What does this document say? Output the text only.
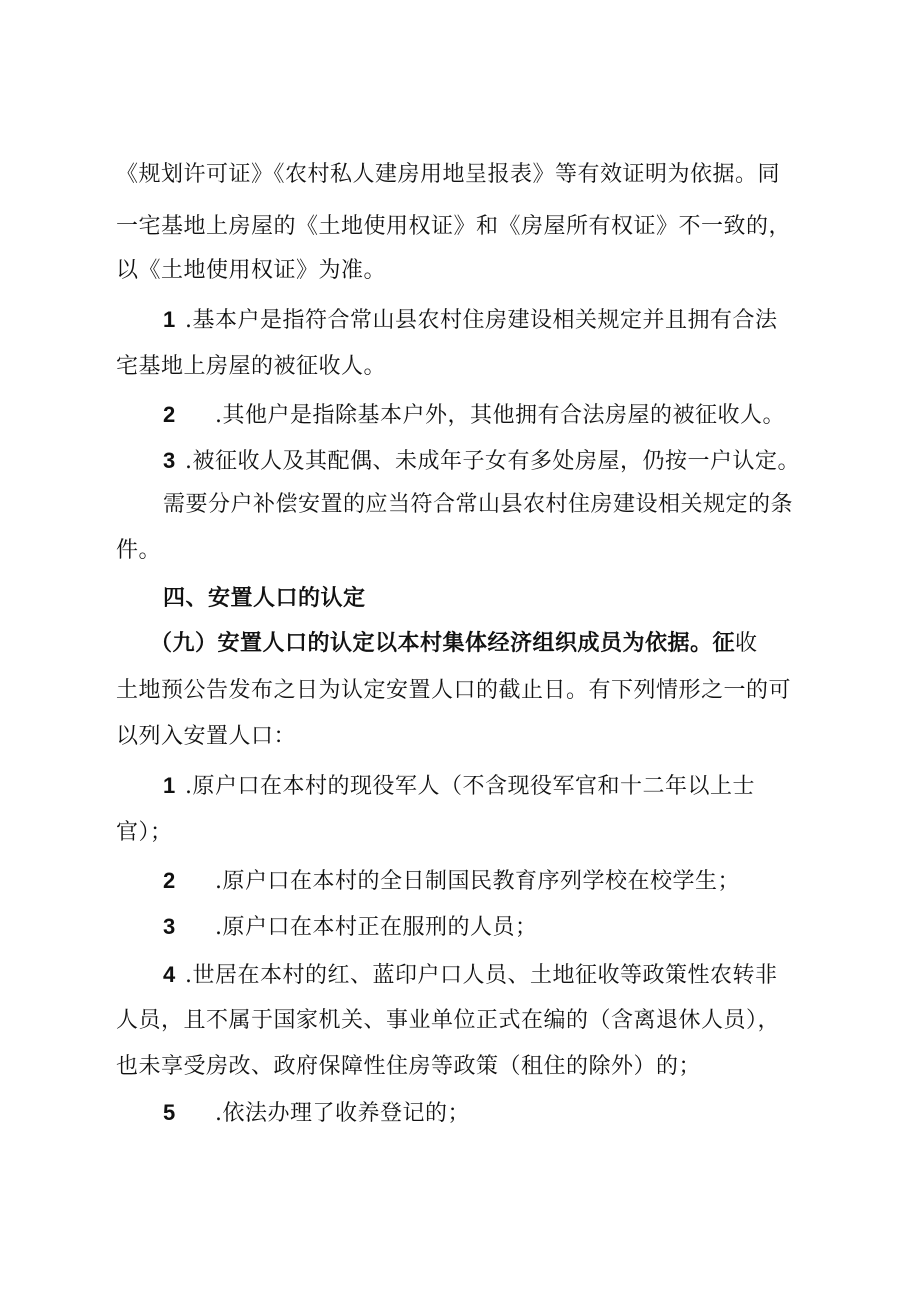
《规划许可证》《农村私人建房用地呈报表》等有效证明为依据。同
一宅基地上房屋的《土地使用权证》和《房屋所有权证》不一致的，
以《土地使用权证》为准。
1 .基本户是指符合常山县农村住房建设相关规定并且拥有合法
宅基地上房屋的被征收人。
2 .其他户是指除基本户外，其他拥有合法房屋的被征收人。
3 .被征收人及其配偶、未成年子女有多处房屋，仍按一户认定。
需要分户补偿安置的应当符合常山县农村住房建设相关规定的条
件。
四、安置人口的认定
（九）安置人口的认定以本村集体经济组织成员为依据。征收
土地预公告发布之日为认定安置人口的截止日。有下列情形之一的可
以列入安置人口：
1 .原户口在本村的现役军人（不含现役军官和十二年以上士
官）；
2 .原户口在本村的全日制国民教育序列学校在校学生；
3 .原户口在本村正在服刑的人员；
4 .世居在本村的红、蓝印户口人员、土地征收等政策性农转非
人员，且不属于国家机关、事业单位正式在编的（含离退休人员），
也未享受房改、政府保障性住房等政策（租住的除外）的；
5 .依法办理了收养登记的；
